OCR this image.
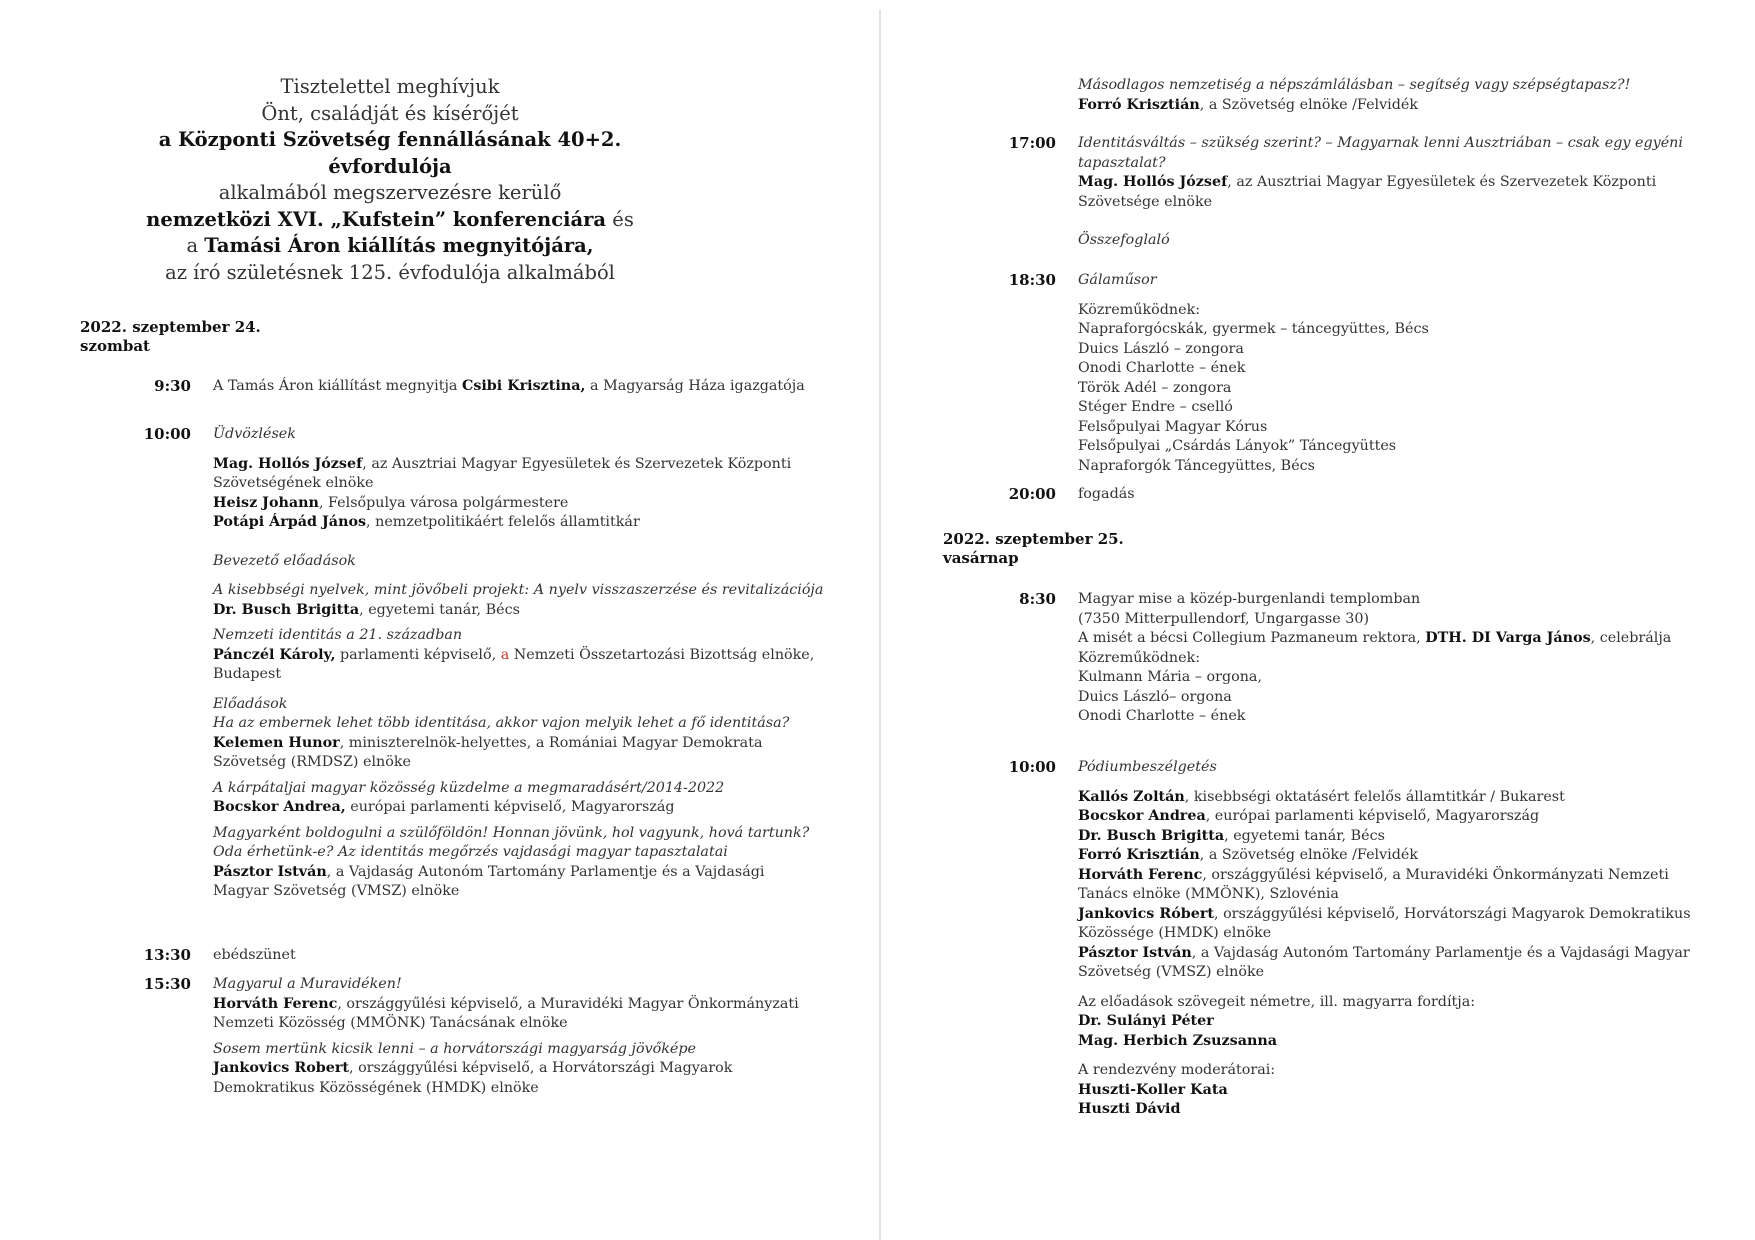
Tisztelettel meghívjuk
Önt, családját és kísérőjét
a Központi Szövetség fennállásának 40+2. évfordulója
alkalmából megszervezésre kerülő
nemzetközi XVI. „Kufstein” konferenciára és
a Tamási Áron kiállítás megnyitójára,
az író születésnek 125. évfodulója alkalmából
2022. szeptember 24.
szombat
9:30 A Tamás Áron kiállítást megnyitja Csibi Krisztina, a Magyarság Háza igazgatója
10:00 Üdvözlések
Mag. Hollós József, az Ausztriai Magyar Egyesületek és Szervezetek Központi
Szövetségének elnöke
Heisz Johann, Felsőpulya városa polgármestere
Potápi Árpád János, nemzetpolitikáért felelős államtitkár
Bevezető előadások
A kisebbségi nyelvek, mint jövőbeli projekt: A nyelv visszaszerzése és revitalizációja
Dr. Busch Brigitta, egyetemi tanár, Bécs
Nemzeti identitás a 21. században
Pánczél Károly, parlamenti képviselő, a Nemzeti Összetartozási Bizottság elnöke,
Budapest
Előadások
Ha az embernek lehet több identitása, akkor vajon melyik lehet a fő identitása?
Kelemen Hunor, miniszterelnök-helyettes, a Romániai Magyar Demokrata
Szövetség (RMDSZ) elnöke
A kárpátaljai magyar közösség küzdelme a megmaradásért/2014-2022
Bocskor Andrea, európai parlamenti képviselő, Magyarország
Magyarként boldogulni a szülőföldön! Honnan jövünk, hol vagyunk, hová tartunk?
Oda érhetünk-e? Az identitás megőrzés vajdasági magyar tapasztalatai
Pásztor István, a Vajdaság Autonóm Tartomány Parlamentje és a Vajdasági
Magyar Szövetség (VMSZ) elnöke
13:30 ebédszünet
15:30 Magyarul a Muravidéken!
Horváth Ferenc, országgyűlési képviselő, a Muravidéki Magyar Önkormányzati
Nemzeti Közösség (MMÖNK) Tanácsának elnöke
Sosem mertünk kicsik lenni – a horvátországi magyarság jövőképe
Jankovics Robert, országgyűlési képviselő, a Horvátországi Magyarok
Demokratikus Közösségének (HMDK) elnöke
Másodlagos nemzetiség a népszámlálásban – segítség vagy szépségtapasz?!
Forró Krisztián, a Szövetség elnöke /Felvidék
17:00 Identitásváltás – szükség szerint? – Magyarnak lenni Ausztriában – csak egy egyéni
tapasztalat?
Mag. Hollós József, az Ausztriai Magyar Egyesületek és Szervezetek Központi
Szövetsége elnöke
Összefoglaló
18:30 Gálaműsor
Közreműködnek:
Napraforgócskák, gyermek – táncegyüttes, Bécs
Duics László – zongora
Onodi Charlotte – ének
Török Adél – zongora
Stéger Endre – cselló
Felsőpulyai Magyar Kórus
Felsőpulyai „Csárdás Lányok” Táncegyüttes
Napraforgók Táncegyüttes, Bécs
20:00 fogadás
2022. szeptember 25.
vasárnap
8:30 Magyar mise a közép-burgenlandi templomban
(7350 Mitterpullendorf, Ungargasse 30)
A misét a bécsi Collegium Pazmaneum rektora, DTH. DI Varga János, celebrálja
Közreműködnek:
Kulmann Mária – orgona,
Duics László– orgona
Onodi Charlotte – ének
10:00 Pódiumbeszélgetés
Kallós Zoltán, kisebbségi oktatásért felelős államtitkár / Bukarest
Bocskor Andrea, európai parlamenti képviselő, Magyarország
Dr. Busch Brigitta, egyetemi tanár, Bécs
Forró Krisztián, a Szövetség elnöke /Felvidék
Horváth Ferenc, országgyűlési képviselő, a Muravidéki Önkormányzati Nemzeti
Tanács elnöke (MMÖNK), Szlovénia
Jankovics Róbert, országgyűlési képviselő, Horvátországi Magyarok Demokratikus
Közössége (HMDK) elnöke
Pásztor István, a Vajdaság Autonóm Tartomány Parlamentje és a Vajdasági Magyar
Szövetség (VMSZ) elnöke
Az előadások szövegeit németre, ill. magyarra fordítja:
Dr. Sulányi Péter
Mag. Herbich Zsuzsanna
A rendezvény moderátorai:
Huszti-Koller Kata
Huszti Dávid
